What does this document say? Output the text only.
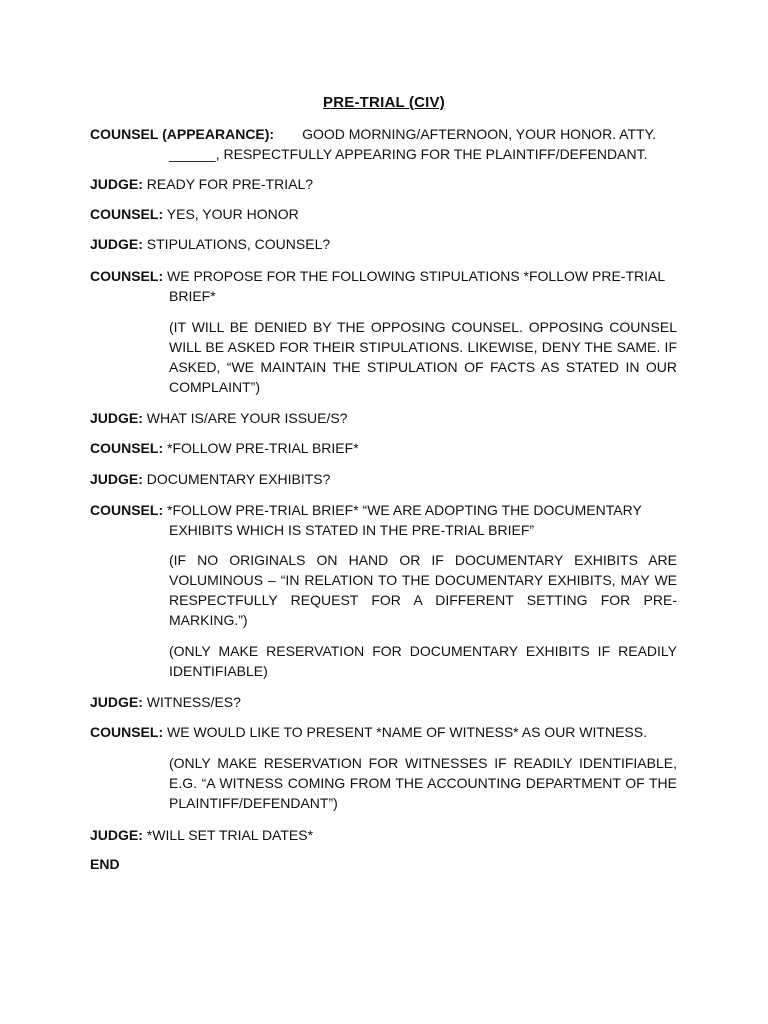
PRE-TRIAL (CIV)
COUNSEL (APPEARANCE): GOOD MORNING/AFTERNOON, YOUR HONOR. ATTY.
______, RESPECTFULLY APPEARING FOR THE PLAINTIFF/DEFENDANT.
JUDGE: READY FOR PRE-TRIAL?
COUNSEL: YES, YOUR HONOR
JUDGE: STIPULATIONS, COUNSEL?
COUNSEL: WE PROPOSE FOR THE FOLLOWING STIPULATIONS *FOLLOW PRE-TRIAL
BRIEF*
(IT WILL BE DENIED BY THE OPPOSING COUNSEL. OPPOSING COUNSEL WILL BE ASKED FOR THEIR STIPULATIONS. LIKEWISE, DENY THE SAME. IF ASKED, “WE MAINTAIN THE STIPULATION OF FACTS AS STATED IN OUR COMPLAINT”)
JUDGE: WHAT IS/ARE YOUR ISSUE/S?
COUNSEL: *FOLLOW PRE-TRIAL BRIEF*
JUDGE: DOCUMENTARY EXHIBITS?
COUNSEL: *FOLLOW PRE-TRIAL BRIEF* “WE ARE ADOPTING THE DOCUMENTARY
EXHIBITS WHICH IS STATED IN THE PRE-TRIAL BRIEF”
(IF NO ORIGINALS ON HAND OR IF DOCUMENTARY EXHIBITS ARE VOLUMINOUS – “IN RELATION TO THE DOCUMENTARY EXHIBITS, MAY WE RESPECTFULLY REQUEST FOR A DIFFERENT SETTING FOR PRE-MARKING.”)
(ONLY MAKE RESERVATION FOR DOCUMENTARY EXHIBITS IF READILY IDENTIFIABLE)
JUDGE: WITNESS/ES?
COUNSEL: WE WOULD LIKE TO PRESENT *NAME OF WITNESS* AS OUR WITNESS.
(ONLY MAKE RESERVATION FOR WITNESSES IF READILY IDENTIFIABLE, E.G. “A WITNESS COMING FROM THE ACCOUNTING DEPARTMENT OF THE PLAINTIFF/DEFENDANT”)
JUDGE: *WILL SET TRIAL DATES*
END
